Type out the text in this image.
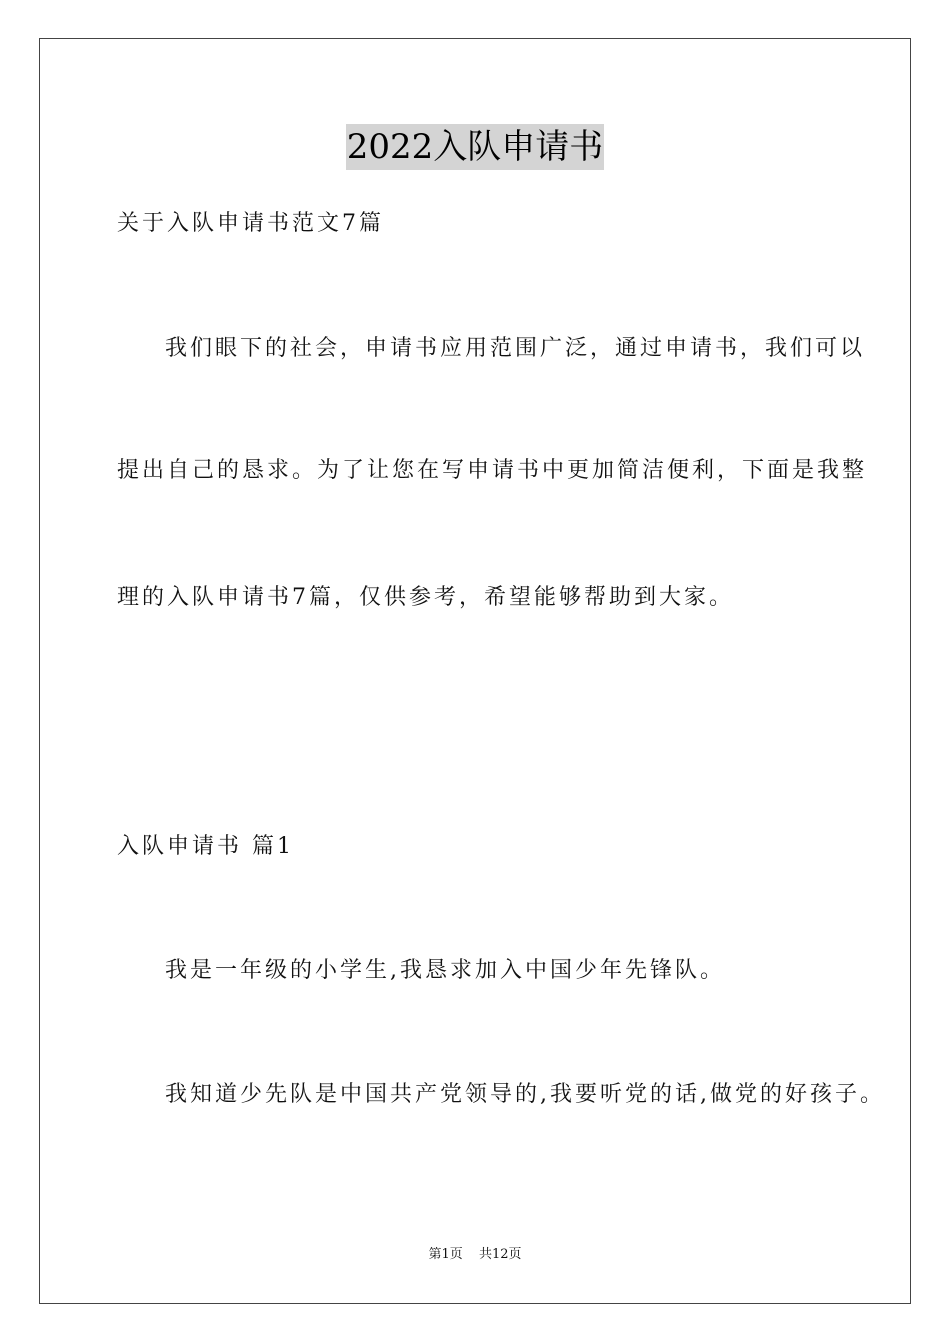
2022入队申请书
关于入队申请书范文7篇
我们眼下的社会，申请书应用范围广泛，通过申请书，我们可以
提出自己的恳求。为了让您在写申请书中更加简洁便利，下面是我整
理的入队申请书7篇，仅供参考，希望能够帮助到大家。
入队申请书 篇1
我是一年级的小学生,我恳求加入中国少年先锋队。
我知道少先队是中国共产党领导的,我要听党的话,做党的好孩子。
第1页 共12页
